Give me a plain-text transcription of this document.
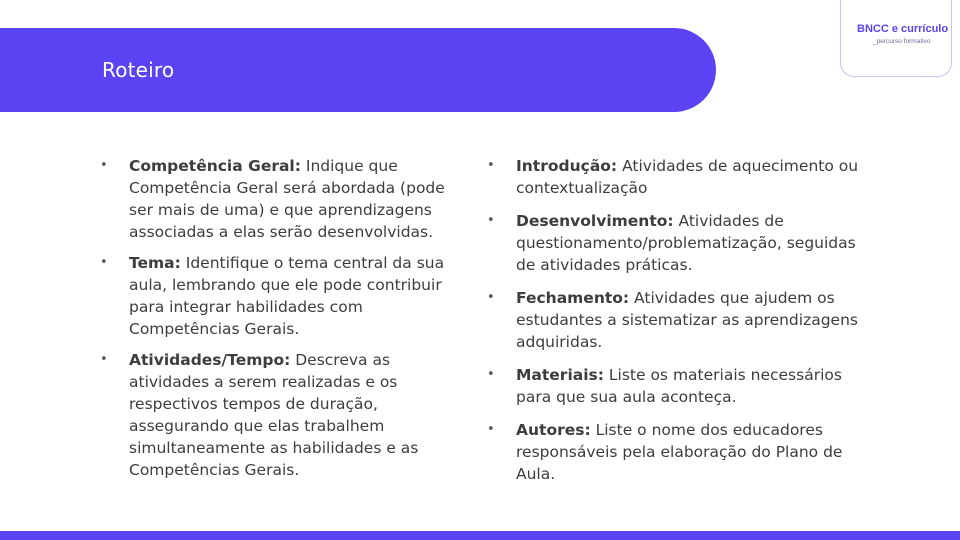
Roteiro
BNCC e currículo
_percurso formativo
•	Competência Geral: Indique que Competência Geral será abordada (pode ser mais de uma) e que aprendizagens associadas a elas serão desenvolvidas.
•	Tema: Identifique o tema central da sua aula, lembrando que ele pode contribuir para integrar habilidades com Competências Gerais.
•	Atividades/Tempo: Descreva as atividades a serem realizadas e os respectivos tempos de duração, assegurando que elas trabalhem simultaneamente as habilidades e as Competências Gerais.
•	Introdução: Atividades de aquecimento ou contextualização
•	Desenvolvimento: Atividades de questionamento/problematização, seguidas de atividades práticas.
•	Fechamento: Atividades que ajudem os estudantes a sistematizar as aprendizagens adquiridas.
•	Materiais: Liste os materiais necessários para que sua aula aconteça.
•	Autores: Liste o nome dos educadores responsáveis pela elaboração do Plano de Aula.
